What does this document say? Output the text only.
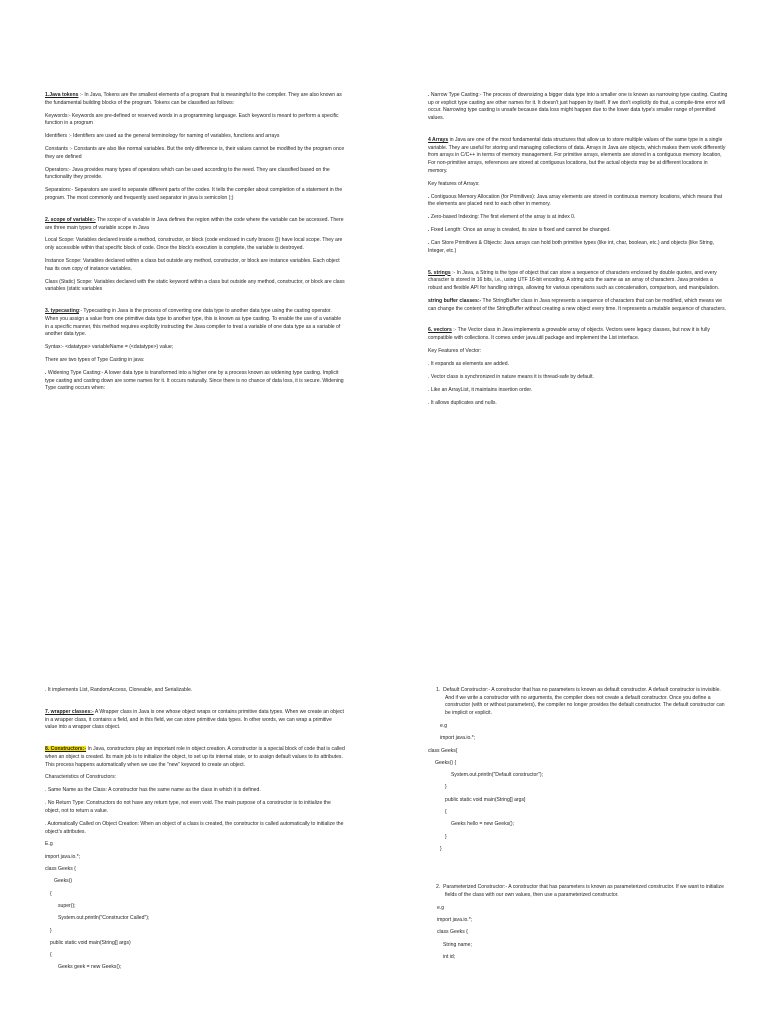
1.Java tokens :- In Java, Tokens are the smallest elements of a program that is meaningful to the compiler. They are also known as the fundamental building blocks of the program. Tokens can be classified as follows:

Keywords:- Keywords are pre-defined or reserved words in a programming language. Each keyword is meant to perform a specific function in a program

Identifiers :- Identifiers are used as the general terminology for naming of variables, functions and arrays

Constants :- Constants are also like normal variables. But the only difference is, their values cannot be modified by the program once they are defined

Operators:- Java provides many types of operators which can be used according to the need. They are classified based on the functionality they provide.

Separators:- Separators are used to separate different parts of the codes. It tells the compiler about completion of a statement in the program. The most commonly and frequently used separator in java is semicolon (;)

2. scope of variable:- The scope of a variable in Java defines the region within the code where the variable can be accessed. There are three main types of variable scope in Java

Local Scope: Variables declared inside a method, constructor, or block (code enclosed in curly braces {}) have local scope. They are only accessible within that specific block of code. Once the block's execution is complete, the variable is destroyed.

Instance Scope: Variables declared within a class but outside any method, constructor, or block are instance variables. Each object has its own copy of instance variables.

Class (Static) Scope: Variables declared with the static keyword within a class but outside any method, constructor, or block are class variables (static variables

3. typecasting:- Typecasting in Java is the process of converting one data type to another data type using the casting operator. When you assign a value from one primitive data type to another type, this is known as type casting. To enable the use of a variable in a specific manner, this method requires explicitly instructing the Java compiler to treat a variable of one data type as a variable of another data type.

Syntax:- <datatype> variableName = (<datatype>) value;

There are two types of Type Casting in java:

. Widening Type Casting:- A lower data type is transformed into a higher one by a process known as widening type casting. Implicit type casting and casting down are some names for it. It occurs naturally. Since there is no chance of data loss, it is secure. Widening Type casting occurs when:

. Narrow Type Casting:- The process of downsizing a bigger data type into a smaller one is known as narrowing type casting. Casting up or explicit type casting are other names for it. It doesn't just happen by itself. If we don't explicitly do that, a compile-time error will occur. Narrowing type casting is unsafe because data loss might happen due to the lower data type's smaller range of permitted values.

4 Arrays in Java are one of the most fundamental data structures that allow us to store multiple values of the same type in a single variable. They are useful for storing and managing collections of data. Arrays in Java are objects, which makes them work differently from arrays in C/C++ in terms of memory management. For primitive arrays, elements are stored in a contiguous memory location, For non-primitive arrays, references are stored at contiguous locations, but the actual objects may be at different locations in memory.

Key features of Arrays:

. Contiguous Memory Allocation (for Primitives): Java array elements are stored in continuous memory locations, which means that the elements are placed next to each other in memory.

. Zero-based Indexing: The first element of the array is at index 0.

. Fixed Length: Once an array is created, its size is fixed and cannot be changed.

. Can Store Primitives & Objects: Java arrays can hold both primitive types (like int, char, boolean, etc.) and objects (like String, Integer, etc.)

5. strings :- In Java, a String is the type of object that can store a sequence of characters enclosed by double quotes, and every character is stored in 16 bits, i.e., using UTF 16-bit encoding. A string acts the same as an array of characters. Java provides a robust and flexible API for handling strings, allowing for various operations such as concatenation, comparison, and manipulation.

string buffer classes:- The StringBuffer class in Java represents a sequence of characters that can be modified, which means we can change the content of the StringBuffer without creating a new object every time. It represents a mutable sequence of characters.

6. vectors :- The Vector class in Java implements a growable array of objects. Vectors were legacy classes, but now it is fully compatible with collections. It comes under java.util package and implement the List interface.

Key Features of Vector:

. It expands as elements are added.

. Vector class is synchronized in nature means it is thread-safe by default.

. Like an ArrayList, it maintains insertion order.

. It allows duplicates and nulls.

. It implements List, RandomAccess, Cloneable, and Serializable.

7. wrapper classes:- A Wrapper class in Java is one whose object wraps or contains primitive data types. When we create an object in a wrapper class, it contains a field, and in this field, we can store primitive data types. In other words, we can wrap a primitive value into a wrapper class object.

8. Constructors:- In Java, constructors play an important role in object creation. A constructor is a special block of code that is called when an object is created. Its main job is to initialize the object, to set up its internal state, or to assign default values to its attributes. This process happens automatically when we use the "new" keyword to create an object.

Characteristics of Constructors:

. Same Name as the Class: A constructor has the same name as the class in which it is defined.

. No Return Type: Constructors do not have any return type, not even void. The main purpose of a constructor is to initialize the object, not to return a value.

. Automatically Called on Object Creation: When an object of a class is created, the constructor is called automatically to initialize the object's attributes.

E.g

import java.io.*;

class Geeks {

Geeks()

{

super();

System.out.println("Constructor Called");

}

public static void main(String[] args)

{

Geeks geek = new Geeks();

1. Default Constructor:- A constructor that has no parameters is known as default constructor. A default constructor is invisible. And if we write a constructor with no arguments, the compiler does not create a default constructor. Once you define a constructor (with or without parameters), the compiler no longer provides the default constructor. The default constructor can be implicit or explicit.

e.g

import java.io.*;

class Geeks{

Geeks() {

System.out.println("Default constructor");

}

public static void main(String[] args]

{

Geeks hello = new Geeks();

}

}

2. Parameterized Constructor:- A constructor that has parameters is known as parameterized constructor. If we want to initialize fields of the class with our own values, then use a parameterized constructor.

e.g

import java.io.*;

class Geeks {

String name;

int id;
